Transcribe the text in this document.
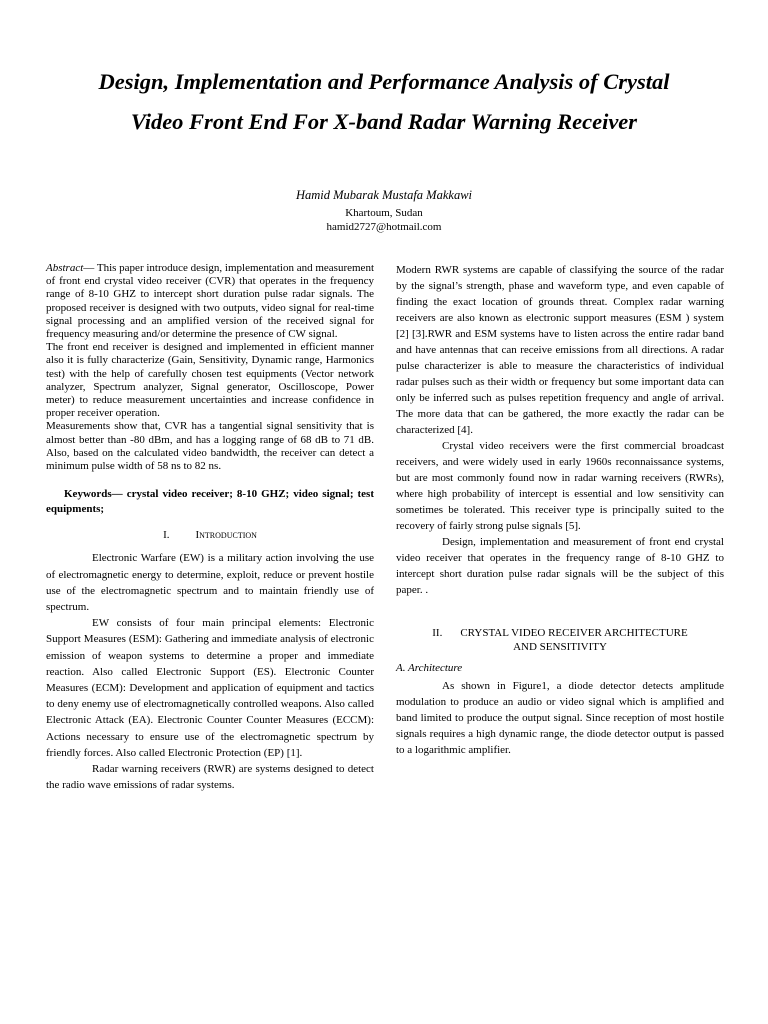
Design, Implementation and Performance Analysis of Crystal
Video Front End For X-band Radar Warning Receiver
Hamid Mubarak Mustafa Makkawi
Khartoum, Sudan
hamid2727@hotmail.com

Abstract— This paper introduce design, implementation and measurement of front end crystal video receiver (CVR) that operates in the frequency range of 8-10 GHZ to intercept short duration pulse radar signals. The proposed receiver is designed with two outputs, video signal for real-time signal processing and an amplified version of the received signal for frequency measuring and/or determine the presence of CW signal.

The front end receiver is designed and implemented in efficient manner also it is fully characterize (Gain, Sensitivity, Dynamic range, Harmonics test) with the help of carefully chosen test equipments (Vector network analyzer, Spectrum analyzer, Signal generator, Oscilloscope, Power meter) to reduce measurement uncertainties and increase confidence in proper receiver operation.

Measurements show that, CVR has a tangential signal sensitivity that is almost better than -80 dBm, and has a logging range of 68 dB to 71 dB. Also, based on the calculated video bandwidth, the receiver can detect a minimum pulse width of 58 ns to 82 ns.

Keywords— crystal video receiver; 8-10 GHZ; video signal; test equipments;

I. Introduction

Electronic Warfare (EW) is a military action involving the use of electromagnetic energy to determine, exploit, reduce or prevent hostile use of the electromagnetic spectrum and to maintain friendly use of spectrum.

EW consists of four main principal elements: Electronic Support Measures (ESM): Gathering and immediate analysis of electronic emission of weapon systems to determine a proper and immediate reaction. Also called Electronic Support (ES). Electronic Counter Measures (ECM): Development and application of equipment and tactics to deny enemy use of electromagnetically controlled weapons. Also called Electronic Attack (EA). Electronic Counter Counter Measures (ECCM): Actions necessary to ensure use of the electromagnetic spectrum by friendly forces. Also called Electronic Protection (EP) [1].

Radar warning receivers (RWR) are systems designed to detect the radio wave emissions of radar systems.

Modern RWR systems are capable of classifying the source of the radar by the signal’s strength, phase and waveform type, and even capable of finding the exact location of grounds threat. Complex radar warning receivers are also known as electronic support measures (ESM ) system [2] [3].RWR and ESM systems have to listen across the entire radar band and have antennas that can receive emissions from all directions. A radar pulse characterizer is able to measure the characteristics of individual radar pulses such as their width or frequency but some important data can only be inferred such as pulses repetition frequency and angle of arrival. The more data that can be gathered, the more exactly the radar can be characterized [4].

Crystal video receivers were the first commercial broadcast receivers, and were widely used in early 1960s reconnaissance systems, but are most commonly found now in radar warning receivers (RWRs), where high probability of intercept is essential and low sensitivity can sometimes be tolerated. This receiver type is principally suited to the recovery of fairly strong pulse signals [5].

Design, implementation and measurement of front end crystal video receiver that operates in the frequency range of 8-10 GHZ to intercept short duration pulse radar signals will be the subject of this paper. .

II. CRYSTAL VIDEO RECEIVER ARCHITECTURE
AND SENSITIVITY

A. Architecture

As shown in Figure1, a diode detector detects amplitude modulation to produce an audio or video signal which is amplified and band limited to produce the output signal. Since reception of most hostile signals requires a high dynamic range, the diode detector output is passed to a logarithmic amplifier.
